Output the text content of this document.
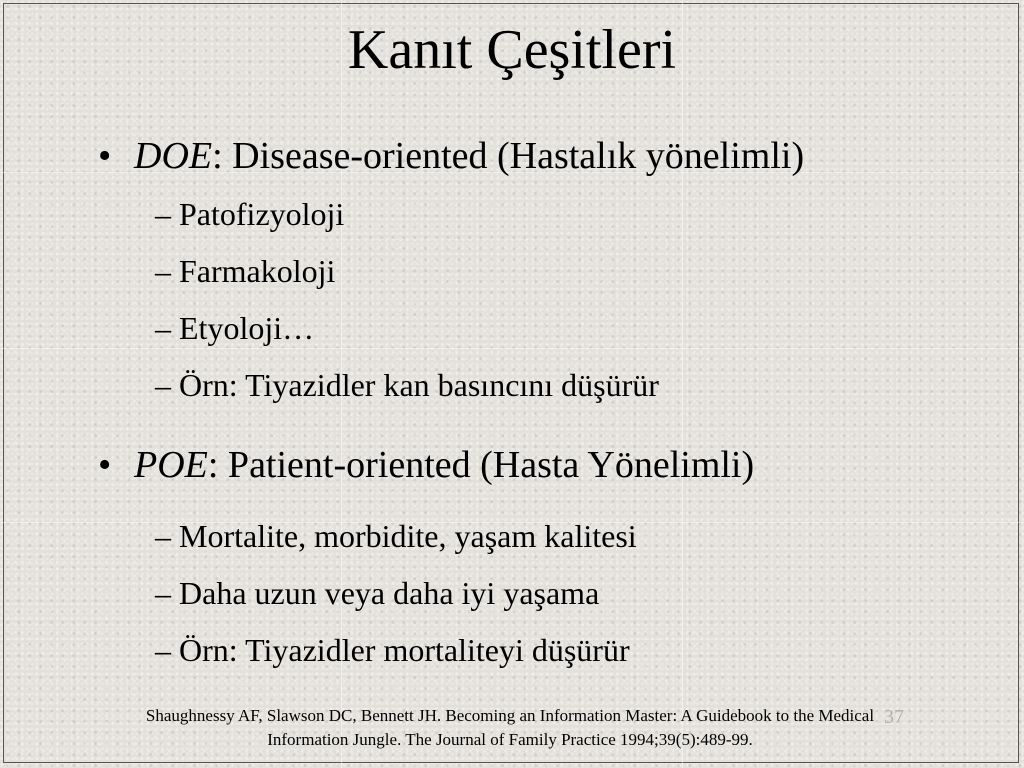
Kanıt Çeşitleri
• DOE: Disease-oriented (Hastalık yönelimli)
– Patofizyoloji
– Farmakoloji
– Etyoloji…
– Örn: Tiyazidler kan basıncını düşürür
• POE: Patient-oriented (Hasta Yönelimli)
– Mortalite, morbidite, yaşam kalitesi
– Daha uzun veya daha iyi yaşama
– Örn: Tiyazidler mortaliteyi düşürür
37
Shaughnessy AF, Slawson DC, Bennett JH. Becoming an Information Master: A Guidebook to the Medical
Information Jungle. The Journal of Family Practice 1994;39(5):489-99.
